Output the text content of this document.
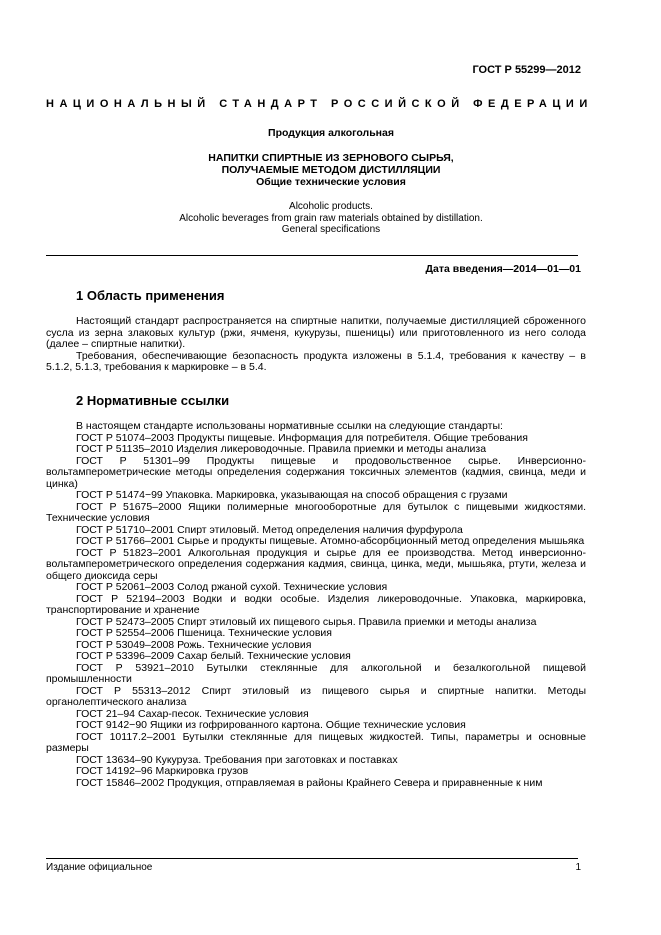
ГОСТ Р 55299—2012
НАЦИОНАЛЬНЫЙ СТАНДАРТ РОССИЙСКОЙ ФЕДЕРАЦИИ
Продукция алкогольная
НАПИТКИ СПИРТНЫЕ ИЗ ЗЕРНОВОГО СЫРЬЯ,
ПОЛУЧАЕМЫЕ МЕТОДОМ ДИСТИЛЛЯЦИИ
Общие технические условия
Alcoholic products.
Alcoholic beverages from grain raw materials obtained by distillation.
General specifications
Дата введения—2014—01—01
1 Область применения

Настоящий стандарт распространяется на спиртные напитки, получаемые дистилляцией сброженного сусла из зерна злаковых культур (ржи, ячменя, кукурузы, пшеницы) или приготовленного из него солода (далее – спиртные напитки).

Требования, обеспечивающие безопасность продукта изложены в 5.1.4, требования к качеству – в 5.1.2, 5.1.3, требования к маркировке – в 5.4.

2 Нормативные ссылки

В настоящем стандарте использованы нормативные ссылки на следующие стандарты:

ГОСТ Р 51074–2003 Продукты пищевые. Информация для потребителя. Общие требования

ГОСТ Р 51135–2010 Изделия ликероводочные. Правила приемки и методы анализа

ГОСТ Р 51301–99 Продукты пищевые и продовольственное сырье. Инверсионно-вольтамперометрические методы определения содержания токсичных элементов (кадмия, свинца, меди и цинка)

ГОСТ Р 51474−99 Упаковка. Маркировка, указывающая на способ обращения с грузами

ГОСТ Р 51675–2000 Ящики полимерные многооборотные для бутылок с пищевыми жидкостями. Технические условия

ГОСТ Р 51710–2001 Спирт этиловый. Метод определения наличия фурфурола

ГОСТ Р 51766–2001 Сырье и продукты пищевые. Атомно-абсорбционный метод определения мышьяка

ГОСТ Р 51823–2001 Алкогольная продукция и сырье для ее производства. Метод инверсионно-вольтамперометрического определения содержания кадмия, свинца, цинка, меди, мышьяка, ртути, железа и общего диоксида серы

ГОСТ Р 52061–2003 Солод ржаной сухой. Технические условия

ГОСТ Р 52194–2003 Водки и водки особые. Изделия ликероводочные. Упаковка, маркировка, транспортирование и хранение

ГОСТ Р 52473–2005 Спирт этиловый их пищевого сырья. Правила приемки и методы анализа

ГОСТ Р 52554–2006 Пшеница. Технические условия

ГОСТ Р 53049–2008 Рожь. Технические условия

ГОСТ Р 53396–2009 Сахар белый. Технические условия

ГОСТ Р 53921–2010 Бутылки стеклянные для алкогольной и безалкогольной пищевой промышленности

ГОСТ Р 55313–2012 Спирт этиловый из пищевого сырья и спиртные напитки. Методы органолептического анализа

ГОСТ 21–94 Сахар-песок. Технические условия

ГОСТ 9142−90 Ящики из гофрированного картона. Общие технические условия

ГОСТ 10117.2–2001 Бутылки стеклянные для пищевых жидкостей. Типы, параметры и основные размеры

ГОСТ 13634–90 Кукуруза. Требования при заготовках и поставках

ГОСТ 14192–96 Маркировка грузов

ГОСТ 15846–2002 Продукция, отправляемая в районы Крайнего Севера и приравненные к ним

Издание официальное	1
